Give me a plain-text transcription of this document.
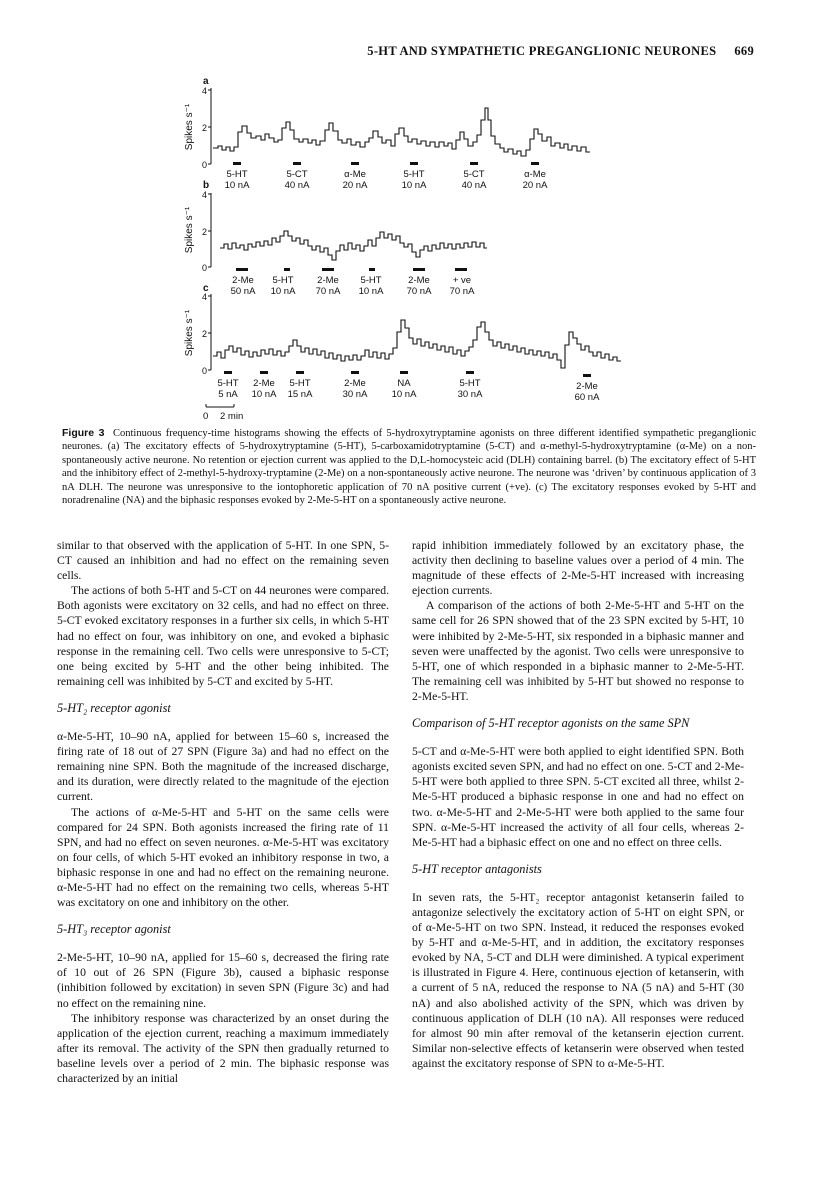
5-HT AND SYMPATHETIC PREGANGLIONIC NEURONES 669
a
4
2
0
Spikes s⁻¹
5-HT
10 nA
5-CT
40 nA
α-Me
20 nA
5-HT
10 nA
5-CT
40 nA
α-Me
20 nA
b
4
2
0
Spikes s⁻¹
2-Me
50 nA
5-HT
10 nA
2-Me
70 nA
5-HT
10 nA
2-Me
70 nA
+ ve
70 nA
c
4
2
0
Spikes s⁻¹
5-HT
5 nA
2-Me
10 nA
5-HT
15 nA
2-Me
30 nA
NA
10 nA
5-HT
30 nA
2-Me
60 nA
0 2 min
Figure 3 Continuous frequency-time histograms showing the effects of 5-hydroxytryptamine agonists on three different identified sympathetic preganglionic neurones. (a) The excitatory effects of 5-hydroxytryptamine (5-HT), 5-carboxamidotryptamine (5-CT) and α-methyl-5-hydroxytryptamine (α-Me) on a non-spontaneously active neurone. No retention or ejection current was applied to the D,L-homocysteic acid (DLH) containing barrel. (b) The excitatory effect of 5-HT and the inhibitory effect of 2-methyl-5-hydroxy-tryptamine (2-Me) on a non-spontaneously active neurone. The neurone was ‘driven’ by continuous application of 3 nA DLH. The neurone was unresponsive to the iontophoretic application of 70 nA positive current (+ve). (c) The excitatory responses evoked by 5-HT and noradrenaline (NA) and the biphasic responses evoked by 2-Me-5-HT on a spontaneously active neurone.

similar to that observed with the application of 5-HT. In one SPN, 5-CT caused an inhibition and had no effect on the remaining seven cells.

The actions of both 5-HT and 5-CT on 44 neurones were compared. Both agonists were excitatory on 32 cells, and had no effect on three. 5-CT evoked excitatory responses in a further six cells, in which 5-HT had no effect on four, was inhibitory on one, and evoked a biphasic response in the remaining cell. Two cells were unresponsive to 5-CT; one being excited by 5-HT and the other being inhibited. The remaining cell was inhibited by 5-CT and excited by 5-HT.

5-HT₂ receptor agonist

α-Me-5-HT, 10–90 nA, applied for between 15–60 s, increased the firing rate of 18 out of 27 SPN (Figure 3a) and had no effect on the remaining nine SPN. Both the magnitude of the increased discharge, and its duration, were directly related to the magnitude of the ejection current.

The actions of α-Me-5-HT and 5-HT on the same cells were compared for 24 SPN. Both agonists increased the firing rate of 11 SPN, and had no effect on seven neurones. α-Me-5-HT was excitatory on four cells, of which 5-HT evoked an inhibitory response in two, a biphasic response in one and had no effect on the remaining neurone. α-Me-5-HT had no effect on the remaining two cells, whereas 5-HT was excitatory on one and inhibitory on the other.

5-HT₃ receptor agonist

2-Me-5-HT, 10–90 nA, applied for 15–60 s, decreased the firing rate of 10 out of 26 SPN (Figure 3b), caused a biphasic response (inhibition followed by excitation) in seven SPN (Figure 3c) and had no effect on the remaining nine.

The inhibitory response was characterized by an onset during the application of the ejection current, reaching a maximum immediately after its removal. The activity of the SPN then gradually returned to baseline levels over a period of 2 min. The biphasic response was characterized by an initial

rapid inhibition immediately followed by an excitatory phase, the activity then declining to baseline values over a period of 4 min. The magnitude of these effects of 2-Me-5-HT increased with increasing ejection currents.

A comparison of the actions of both 2-Me-5-HT and 5-HT on the same cell for 26 SPN showed that of the 23 SPN excited by 5-HT, 10 were inhibited by 2-Me-5-HT, six responded in a biphasic manner and seven were unaffected by the agonist. Two cells were unresponsive to 5-HT, one of which responded in a biphasic manner to 2-Me-5-HT. The remaining cell was inhibited by 5-HT but showed no response to 2-Me-5-HT.

Comparison of 5-HT receptor agonists on the same SPN

5-CT and α-Me-5-HT were both applied to eight identified SPN. Both agonists excited seven SPN, and had no effect on one. 5-CT and 2-Me-5-HT were both applied to three SPN. 5-CT excited all three, whilst 2-Me-5-HT produced a biphasic response in one and had no effect on two. α-Me-5-HT and 2-Me-5-HT were both applied to the same four SPN. α-Me-5-HT increased the activity of all four cells, whereas 2-Me-5-HT had a biphasic effect on one and no effect on three cells.

5-HT receptor antagonists

In seven rats, the 5-HT₂ receptor antagonist ketanserin failed to antagonize selectively the excitatory action of 5-HT on eight SPN, or of α-Me-5-HT on two SPN. Instead, it reduced the responses evoked by 5-HT and α-Me-5-HT, and in addition, the excitatory responses evoked by NA, 5-CT and DLH were diminished. A typical experiment is illustrated in Figure 4. Here, continuous ejection of ketanserin, with a current of 5 nA, reduced the response to NA (5 nA) and 5-HT (30 nA) and also abolished activity of the SPN, which was driven by continuous application of DLH (10 nA). All responses were reduced for almost 90 min after removal of the ketanserin ejection current. Similar non-selective effects of ketanserin were observed when tested against the excitatory response of SPN to α-Me-5-HT.
